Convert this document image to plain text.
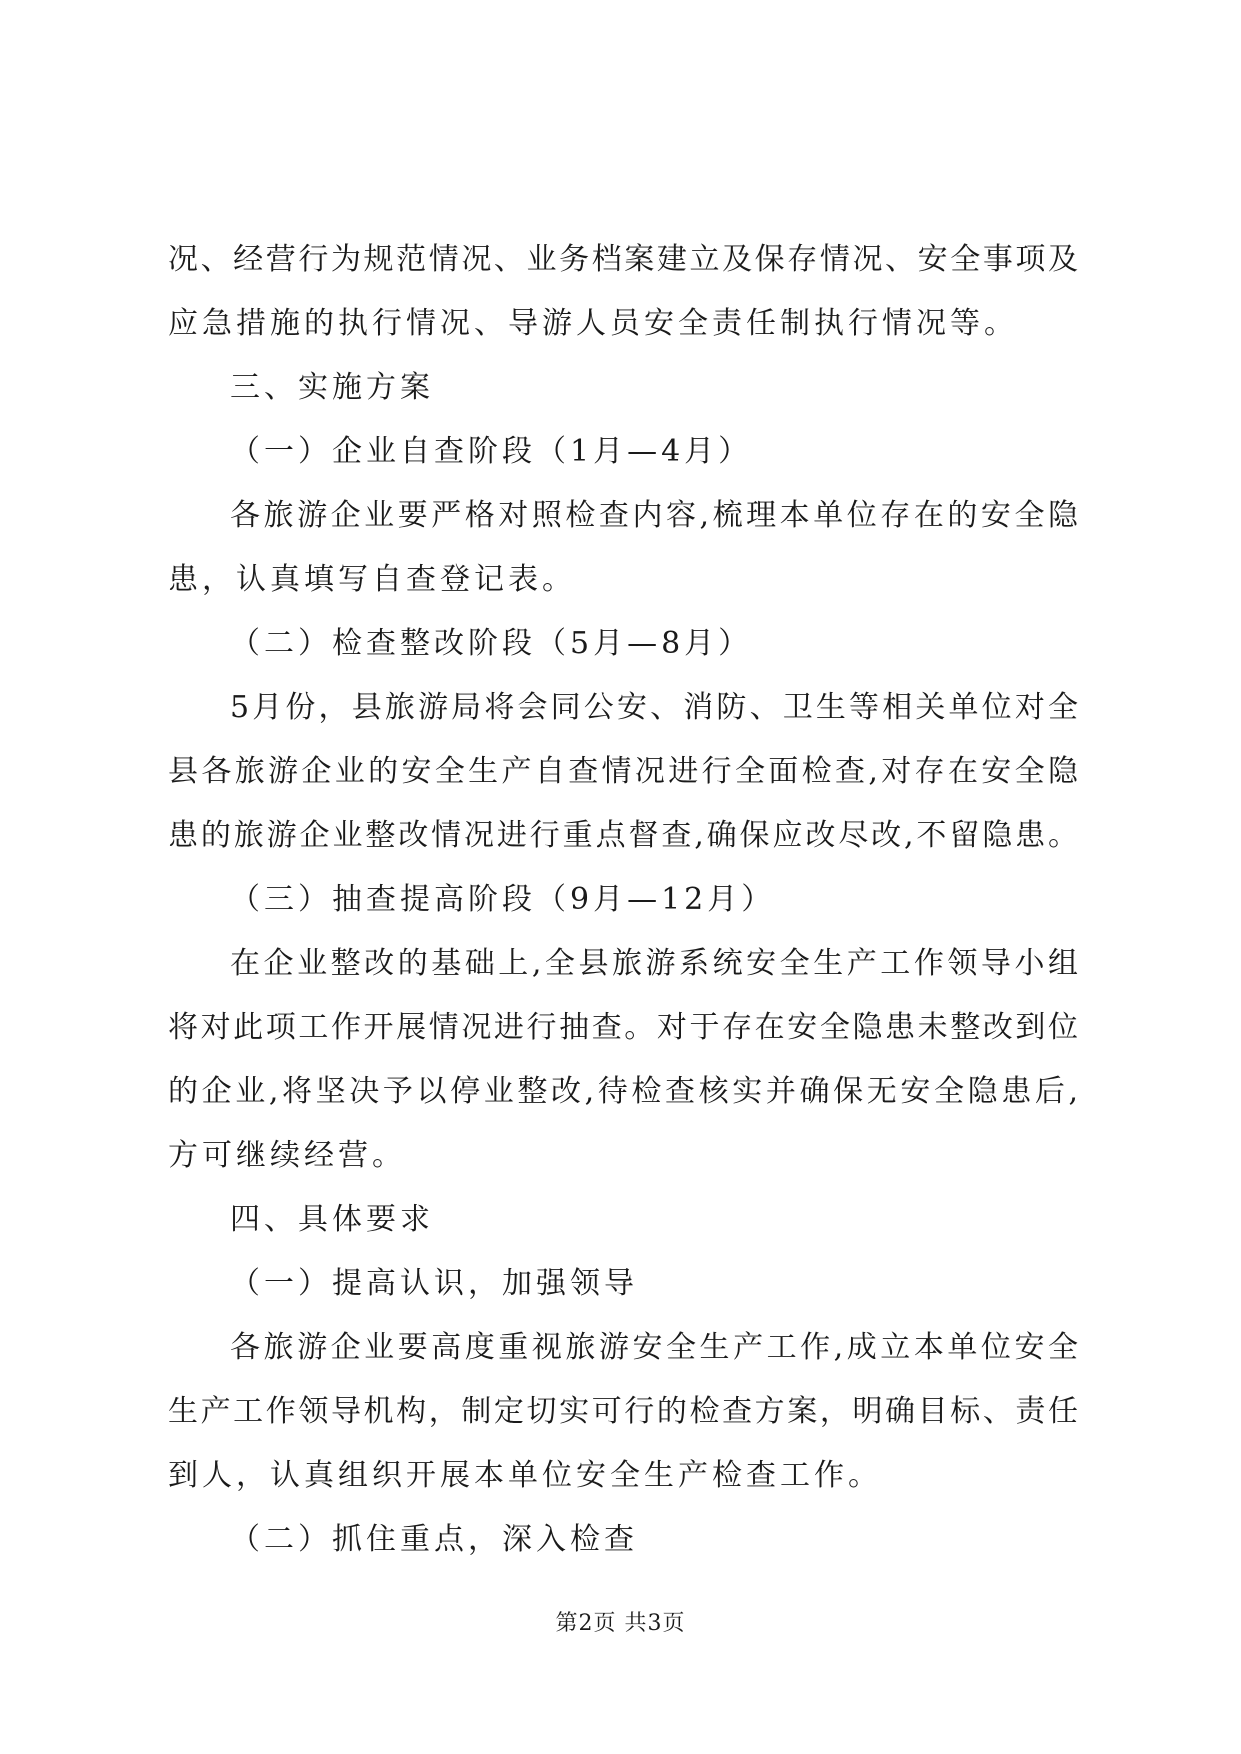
况、经营行为规范情况、业务档案建立及保存情况、安全事项及
应急措施的执行情况、导游人员安全责任制执行情况等。
三、实施方案
（一）企业自查阶段（1月—4月）
各旅游企业要严格对照检查内容,梳理本单位存在的安全隐
患，认真填写自查登记表。
（二）检查整改阶段（5月—8月）
5月份，县旅游局将会同公安、消防、卫生等相关单位对全
县各旅游企业的安全生产自查情况进行全面检查,对存在安全隐
患的旅游企业整改情况进行重点督查,确保应改尽改,不留隐患。
（三）抽查提高阶段（9月—12月）
在企业整改的基础上,全县旅游系统安全生产工作领导小组
将对此项工作开展情况进行抽查。对于存在安全隐患未整改到位
的企业,将坚决予以停业整改,待检查核实并确保无安全隐患后,
方可继续经营。
四、具体要求
（一）提高认识，加强领导
各旅游企业要高度重视旅游安全生产工作,成立本单位安全
生产工作领导机构，制定切实可行的检查方案，明确目标、责任
到人，认真组织开展本单位安全生产检查工作。
（二）抓住重点，深入检查
第2页 共3页
